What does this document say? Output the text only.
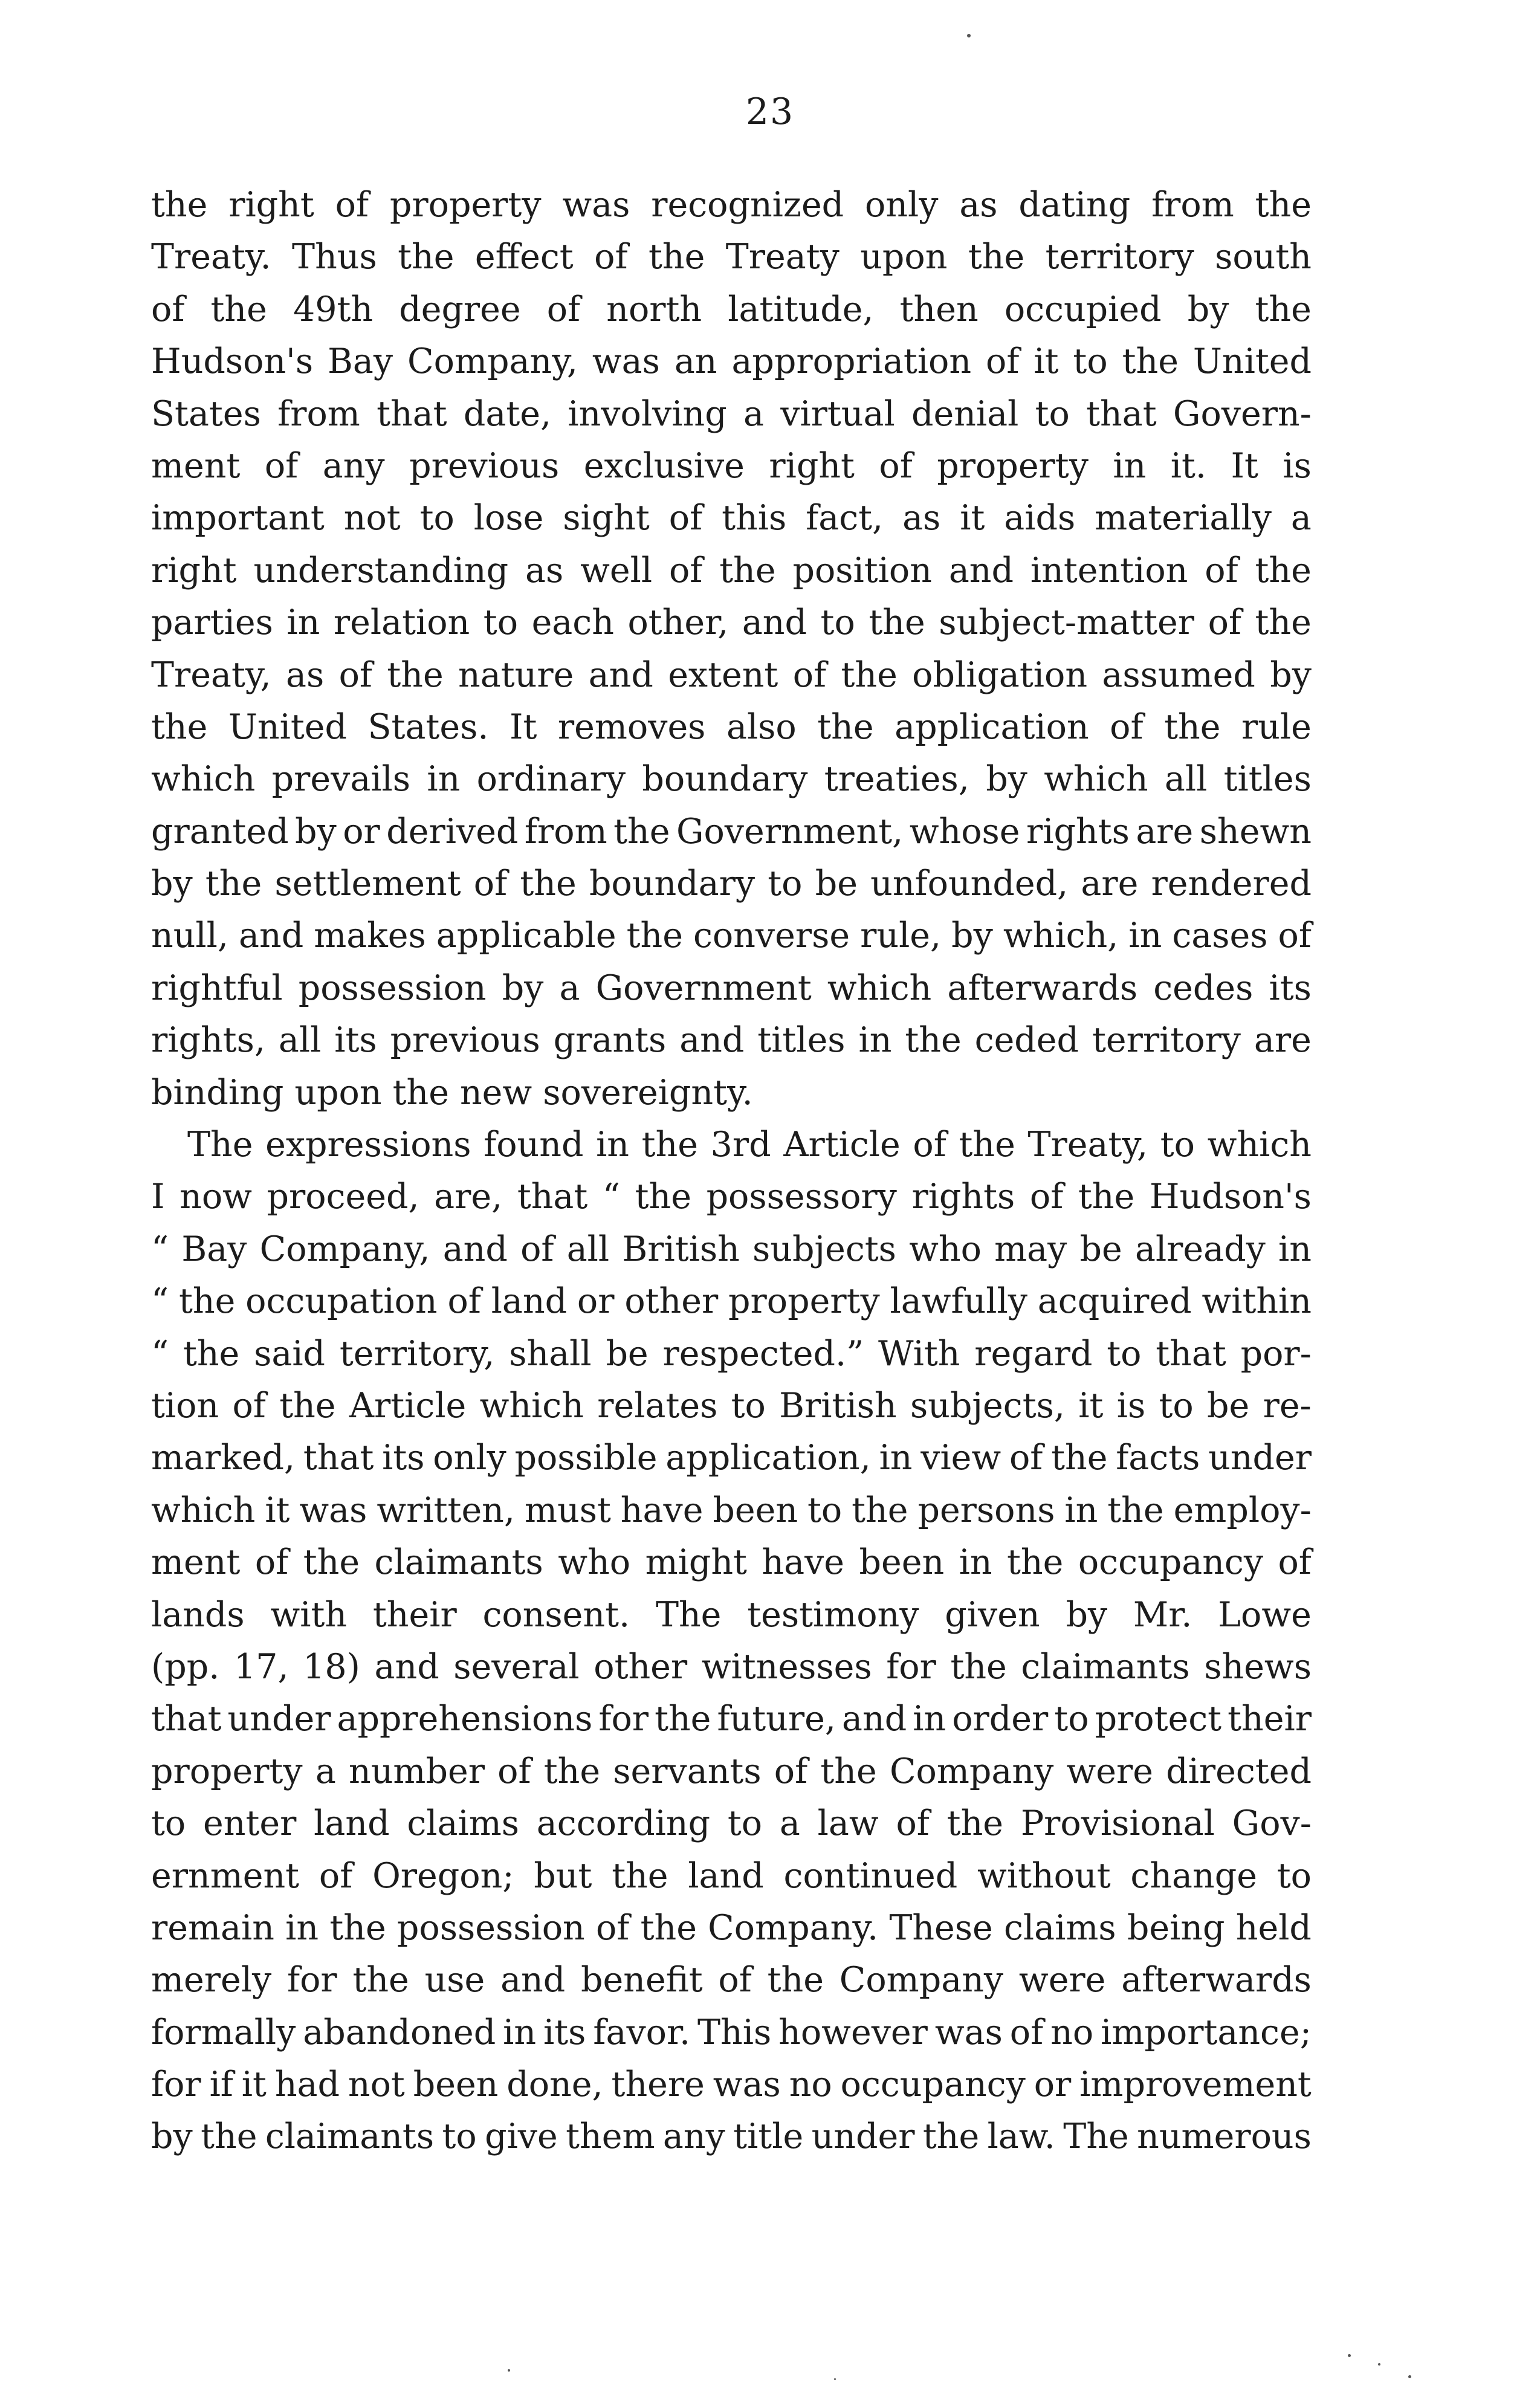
23
the right of property was recognized only as dating from the
Treaty. Thus the effect of the Treaty upon the territory south
of the 49th degree of north latitude, then occupied by the
Hudson's Bay Company, was an appropriation of it to the United
States from that date, involving a virtual denial to that Govern-
ment of any previous exclusive right of property in it. It is
important not to lose sight of this fact, as it aids materially a
right understanding as well of the position and intention of the
parties in relation to each other, and to the subject-matter of the
Treaty, as of the nature and extent of the obligation assumed by
the United States. It removes also the application of the rule
which prevails in ordinary boundary treaties, by which all titles
granted by or derived from the Government, whose rights are shewn
by the settlement of the boundary to be unfounded, are rendered
null, and makes applicable the converse rule, by which, in cases of
rightful possession by a Government which afterwards cedes its
rights, all its previous grants and titles in the ceded territory are
binding upon the new sovereignty.
The expressions found in the 3rd Article of the Treaty, to which
I now proceed, are, that “ the possessory rights of the Hudson's
“ Bay Company, and of all British subjects who may be already in
“ the occupation of land or other property lawfully acquired within
“ the said territory, shall be respected.” With regard to that por-
tion of the Article which relates to British subjects, it is to be re-
marked, that its only possible application, in view of the facts under
which it was written, must have been to the persons in the employ-
ment of the claimants who might have been in the occupancy of
lands with their consent. The testimony given by Mr. Lowe
(pp. 17, 18) and several other witnesses for the claimants shews
that under apprehensions for the future, and in order to protect their
property a number of the servants of the Company were directed
to enter land claims according to a law of the Provisional Gov-
ernment of Oregon; but the land continued without change to
remain in the possession of the Company. These claims being held
merely for the use and benefit of the Company were afterwards
formally abandoned in its favor. This however was of no importance;
for if it had not been done, there was no occupancy or improvement
by the claimants to give them any title under the law. The numerous
